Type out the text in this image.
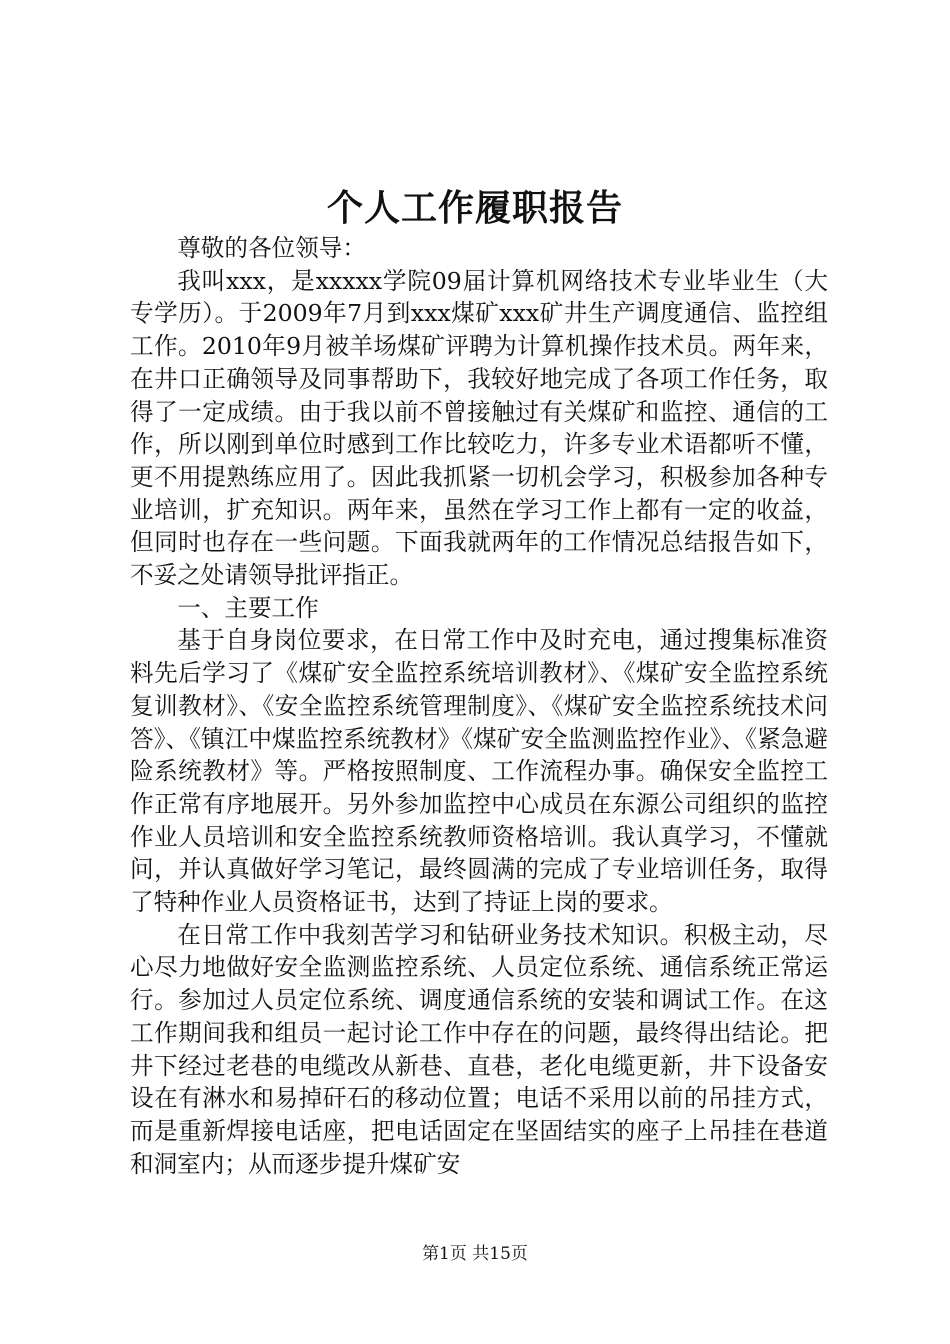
个人工作履职报告

尊敬的各位领导：

我叫xxx，是xxxxx学院09届计算机网络技术专业毕业生（大专学历）。于2009年7月到xxx煤矿xxx矿井生产调度通信、监控组工作。2010年9月被羊场煤矿评聘为计算机操作技术员。两年来，在井口正确领导及同事帮助下，我较好地完成了各项工作任务，取得了一定成绩。由于我以前不曾接触过有关煤矿和监控、通信的工作，所以刚到单位时感到工作比较吃力，许多专业术语都听不懂，更不用提熟练应用了。因此我抓紧一切机会学习，积极参加各种专业培训，扩充知识。两年来，虽然在学习工作上都有一定的收益，但同时也存在一些问题。下面我就两年的工作情况总结报告如下，不妥之处请领导批评指正。

一、主要工作

基于自身岗位要求，在日常工作中及时充电，通过搜集标准资料先后学习了《煤矿安全监控系统培训教材》、《煤矿安全监控系统复训教材》、《安全监控系统管理制度》、《煤矿安全监控系统技术问答》、《镇江中煤监控系统教材》《煤矿安全监测监控作业》、《紧急避险系统教材》等。严格按照制度、工作流程办事。确保安全监控工作正常有序地展开。另外参加监控中心成员在东源公司组织的监控作业人员培训和安全监控系统教师资格培训。我认真学习，不懂就问，并认真做好学习笔记，最终圆满的完成了专业培训任务，取得了特种作业人员资格证书，达到了持证上岗的要求。

在日常工作中我刻苦学习和钻研业务技术知识。积极主动，尽心尽力地做好安全监测监控系统、人员定位系统、通信系统正常运行。参加过人员定位系统、调度通信系统的安装和调试工作。在这工作期间我和组员一起讨论工作中存在的问题，最终得出结论。把井下经过老巷的电缆改从新巷、直巷，老化电缆更新，井下设备安设在有淋水和易掉矸石的移动位置；电话不采用以前的吊挂方式，而是重新焊接电话座，把电话固定在坚固结实的座子上吊挂在巷道和洞室内；从而逐步提升煤矿安

第1页 共15页
